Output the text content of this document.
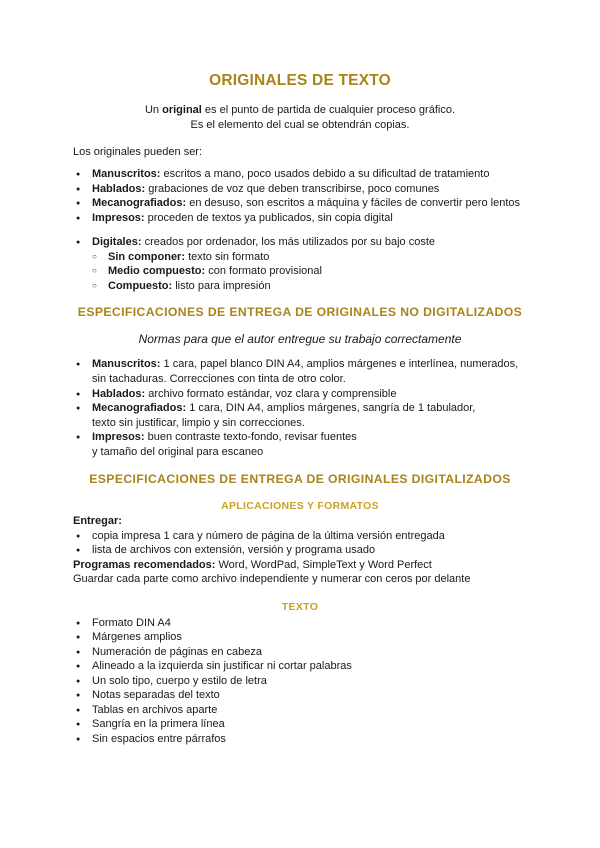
ORIGINALES DE TEXTO
Un original es el punto de partida de cualquier proceso gráfico.
Es el elemento del cual se obtendrán copias.
Los originales pueden ser:
●Manuscritos: escritos a mano, poco usados debido a su dificultad de tratamiento
●Hablados: grabaciones de voz que deben transcribirse, poco comunes
●Mecanografiados: en desuso, son escritos a máquina y fáciles de convertir pero lentos
●Impresos: proceden de textos ya publicados, sin copia digital
●Digitales: creados por ordenador, los más utilizados por su bajo coste
○Sin componer: texto sin formato
○Medio compuesto: con formato provisional
○Compuesto: listo para impresión
ESPECIFICACIONES DE ENTREGA DE ORIGINALES NO DIGITALIZADOS
Normas para que el autor entregue su trabajo correctamente
●Manuscritos: 1 cara, papel blanco DIN A4, amplios márgenes e interlínea, numerados,
sin tachaduras. Correcciones con tinta de otro color.
●Hablados: archivo formato estándar, voz clara y comprensible
●Mecanografiados: 1 cara, DIN A4, amplios márgenes, sangría de 1 tabulador,
texto sin justificar, limpio y sin correcciones.
●Impresos: buen contraste texto-fondo, revisar fuentes
y tamaño del original para escaneo
ESPECIFICACIONES DE ENTREGA DE ORIGINALES DIGITALIZADOS
APLICACIONES Y FORMATOS
Entregar:
●copia impresa 1 cara y número de página de la última versión entregada
●lista de archivos con extensión, versión y programa usado
Programas recomendados: Word, WordPad, SimpleText y Word Perfect
Guardar cada parte como archivo independiente y numerar con ceros por delante
TEXTO
●Formato DIN A4
●Márgenes amplios
●Numeración de páginas en cabeza
●Alineado a la izquierda sin justificar ni cortar palabras
●Un solo tipo, cuerpo y estilo de letra
●Notas separadas del texto
●Tablas en archivos aparte
●Sangría en la primera línea
●Sin espacios entre párrafos
